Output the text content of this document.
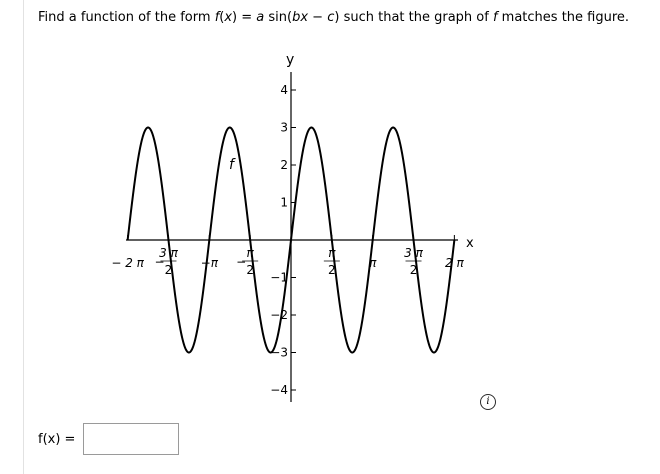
Find a function of the form f(x) = a sin(bx − c) such that the graph of f matches the figure.
x
y
f
4
3
2
1
−1
−2
−3
−4
− 2 π −
3 π
2 −π −
π
2
π
2	π
3 π
2 2 π
f(x) =
i
